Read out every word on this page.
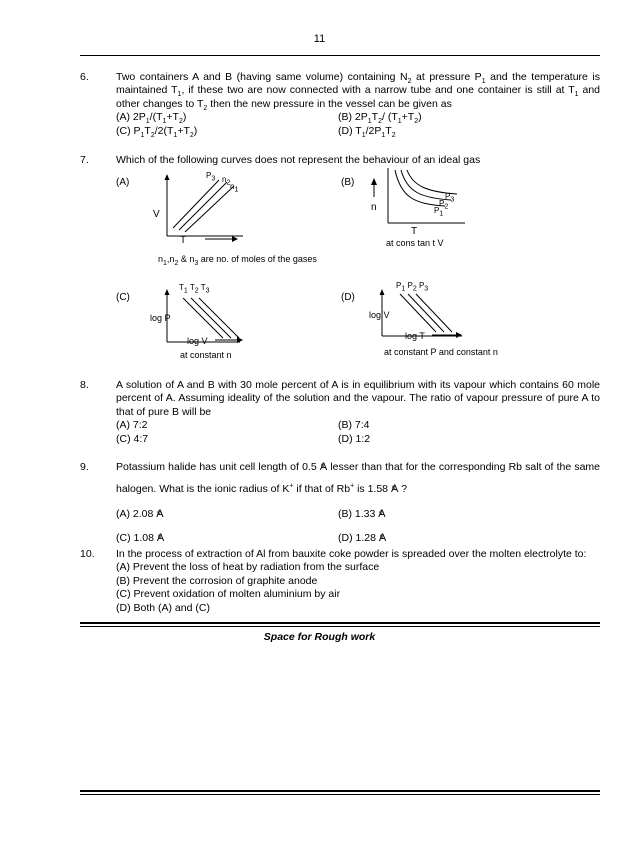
11
6.	Two containers A and B (having same volume) containing $N_2$ at pressure $P_1$ and the temperature is maintained $T_1$, if these two are now connected with a narrow tube and one container is still at $T_1$ and other changes to $T_2$ then the new pressure in the vessel can be given as
(A) $2P_1/(T_1+T_2)$	(B) $2P_1T_2/$ $(T_1+T_2)$
(C) $P_1T_2/2(T_1+T_2)$	(D) $T_1/2P_1T_2$
7.	Which of the following curves does not represent the behaviour of an ideal gas
(A)
$P_3$ $n_2$ $n_1$
V
T
$n_1,n_2$ & $n_3$ are no. of moles of the gases
(B)
n
$P_3$
$P_2$
$P_1$
T
at cons tan t V
(C)
$T_1$ $T_2$ $T_3$
log P
log V
at constant n
(D)
$P_1$ $P_2$ $P_3$
log V
log T
at constant P and constant n
8.	A solution of A and B with 30 mole percent of A is in equilibrium with its vapour which contains 60 mole percent of A. Assuming ideality of the solution and the vapour. The ratio of vapour pressure of pure A to that of pure B will be
(A) 7:2	(B) 7:4
(C) 4:7	(D) 1:2
9.	Potassium halide has unit cell length of 0.5 o A lesser than that for the corresponding Rb salt of the same halogen. What is the ionic radius of K+ if that of Rb+ is 1.58 o A ?
(A) 2.08 o A	(B) 1.33 o A
(C) 1.08 o A	(D) 1.28 o A
10. In the process of extraction of Al from bauxite coke powder is spreaded over the molten electrolyte to:
(A) Prevent the loss of heat by radiation from the surface
(B) Prevent the corrosion of graphite anode
(C) Prevent oxidation of molten aluminium by air
(D) Both (A) and (C)
Space for Rough work
